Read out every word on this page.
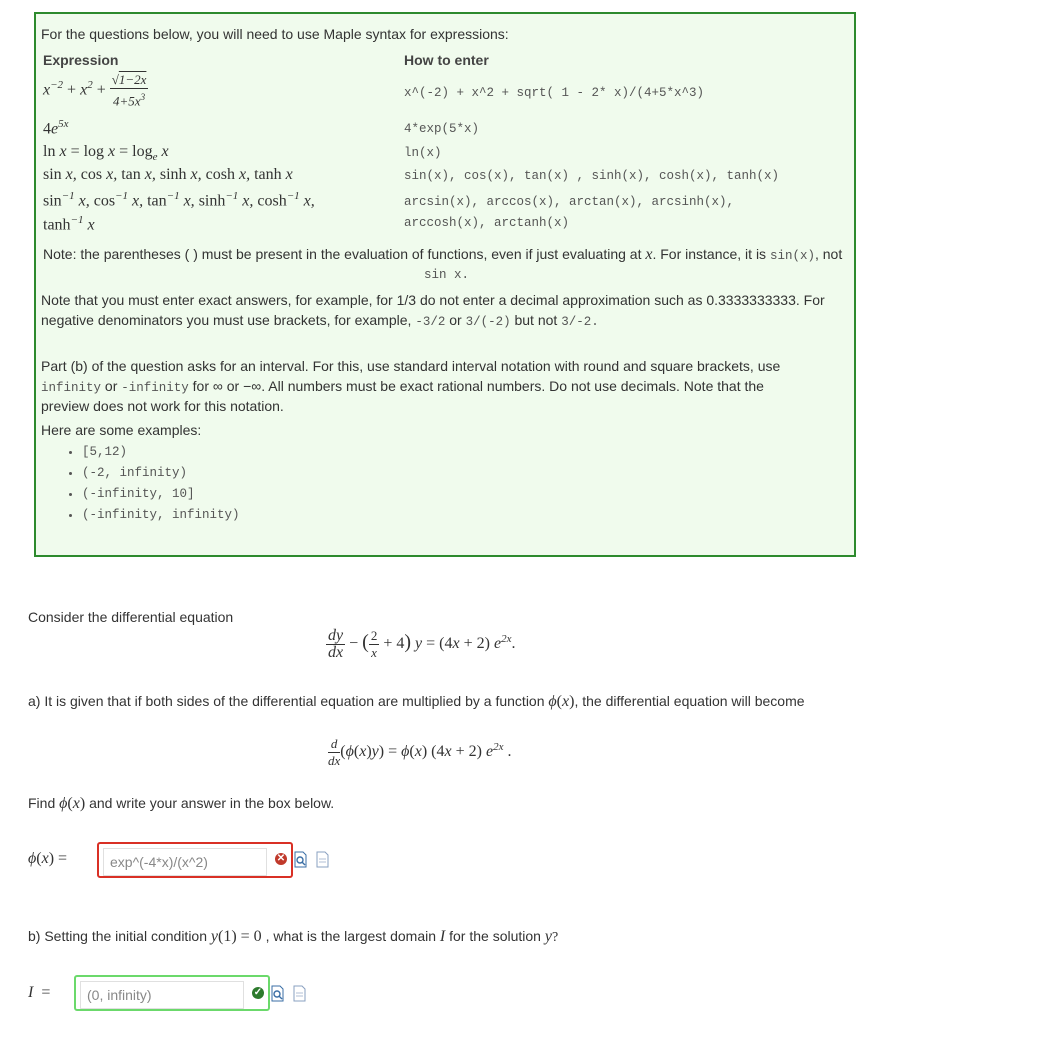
For the questions below, you will need to use Maple syntax for expressions:
Expression	How to enter
$x^{-2} + x^2 + \frac{√1-2x}{4+5x^3}$	x^(-2) + x^2 + sqrt( 1 - 2* x)/(4+5*x^3)
$4e^{5x}$	4*exp(5*x)
$\ln x = \log x = \log_e x$	ln(x)
sin x, cos x, tan x, sinh x, cosh x, tanh x	sin(x), cos(x), tan(x) , sinh(x), cosh(x), tanh(x)
$\sin^{-1} x$, $\cos^{-1} x$, $\tan^{-1} x$, $\sinh^{-1} x$, $\cosh^{-1} x$,	arcsin(x), arccos(x), arctan(x), arcsinh(x),
$\tanh^{-1} x$	arccosh(x), arctanh(x)
Note: the parentheses ( ) must be present in the evaluation of functions, even if just evaluating at x. For instance, it is sin(x), not
sin x.
Note that you must enter exact answers, for example, for 1/3 do not enter a decimal approximation such as 0.3333333333. For
negative denominators you must use brackets, for example, -3/2 or 3/(-2) but not 3/-2.
Part (b) of the question asks for an interval. For this, use standard interval notation with round and square brackets, use
infinity or -infinity for ∞ or −∞. All numbers must be exact rational numbers. Do not use decimals. Note that the
preview does not work for this notation.
Here are some examples:
• [5,12)
• (-2, infinity)
• (-infinity, 10]
• (-infinity, infinity)
Consider the differential equation
$\frac{dy}{dx}$ − ( $\frac{2}{x} + 4$) y = (4x + 2) $e^{2x}$.
a) It is given that if both sides of the differential equation are multiplied by a function ϕ(x), the differential equation will become
$\frac{d}{dx} (\phi(x)y) = \phi(x) (4x + 2)$ $e^{2x}$ .
Find ϕ(x) and write your answer in the box below.
ϕ(x) =
exp^(-4*x)/(x^2)	✕
b) Setting the initial condition y(1) = 0 , what is the largest domain I for the solution y?
I  =
(0, infinity)	✓
